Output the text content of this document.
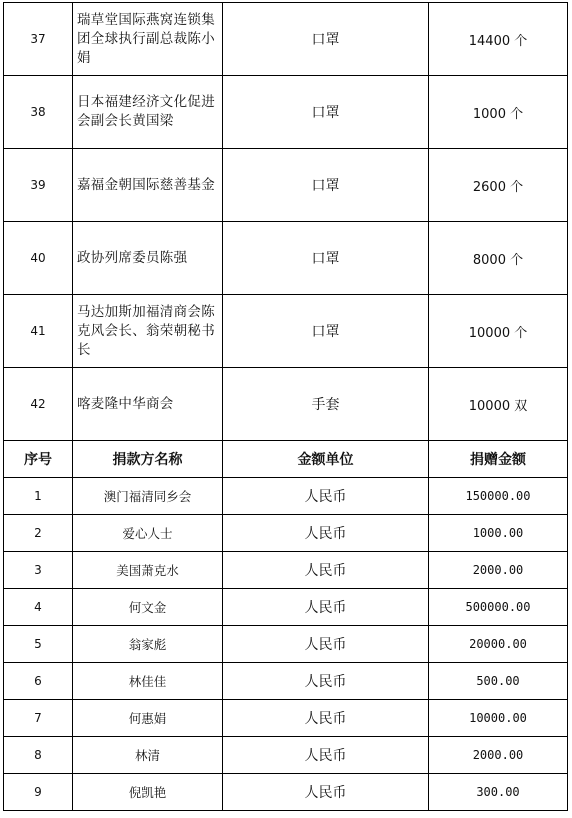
37	瑞草堂国际燕窝连锁集团全球执行副总裁陈小娟	口罩	14400 个
38	日本福建经济文化促进会副会长黄国梁	口罩	1000 个
39	嘉福金朝国际慈善基金	口罩	2600 个
40	政协列席委员陈强	口罩	8000 个
41	马达加斯加福清商会陈克风会长、翁荣朝秘书长	口罩	10000 个
42	喀麦隆中华商会	手套	10000 双
序号	捐款方名称	金额单位	捐赠金额
1	澳门福清同乡会	人民币	150000.00
2	爱心人士	人民币	1000.00
3	美国萧克水	人民币	2000.00
4	何文金	人民币	500000.00
5	翁家彪	人民币	20000.00
6	林佳佳	人民币	500.00
7	何惠娟	人民币	10000.00
8	林清	人民币	2000.00
9	倪凯艳	人民币	300.00
